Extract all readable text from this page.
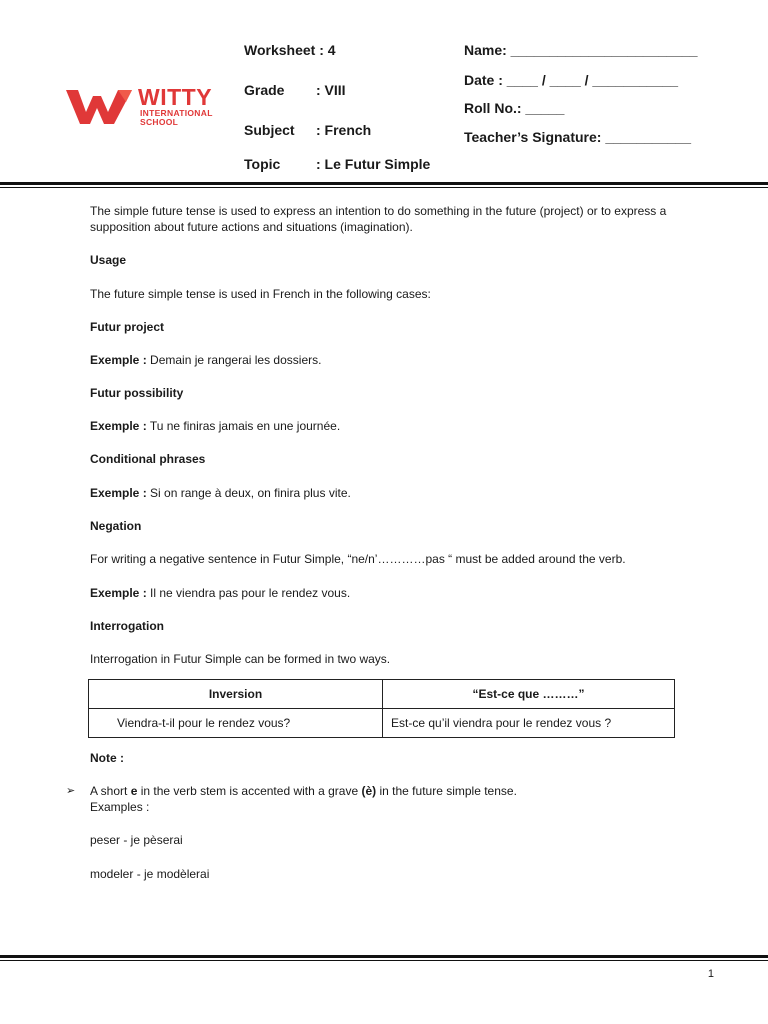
WITTY
INTERNATIONAL
SCHOOL
Worksheet : 4
Grade : VIII
Subject : French
Topic	: Le Futur Simple
Name: ________________________
Date : ____ / ____ / ___________
Roll No.: _____
Teacher’s Signature: ___________
The simple future tense is used to express an intention to do something in the future (project) or to express a
supposition about future actions and situations (imagination).
Usage
The future simple tense is used in French in the following cases:
Futur project
Exemple : Demain je rangerai les dossiers.
Futur possibility
Exemple : Tu ne finiras jamais en une journée.
Conditional phrases
Exemple : Si on range à deux, on finira plus vite.
Negation
For writing a negative sentence in Futur Simple, “ne/n’…………pas “ must be added around the verb.
Exemple : Il ne viendra pas pour le rendez vous.
Interrogation
Interrogation in Futur Simple can be formed in two ways.
Inversion	“Est-ce que ………”
Viendra-t-il pour le rendez vous?	Est-ce qu’il viendra pour le rendez vous ?
Note :
➢ A short e in the verb stem is accented with a grave (è) in the future simple tense.
Examples :
peser - je pèserai
modeler - je modèlerai
1
